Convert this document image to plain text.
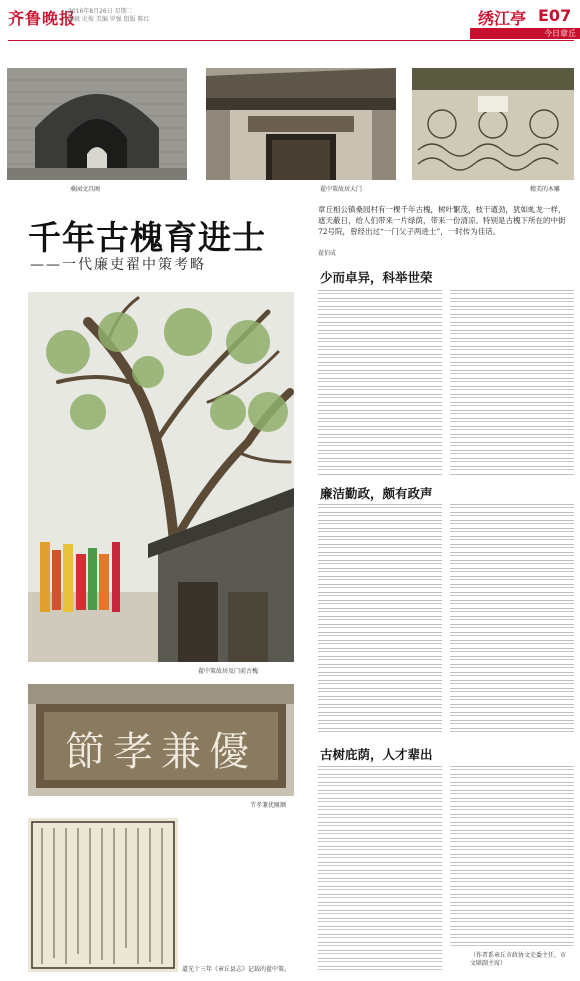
齐鲁晚报
2016年8月26日 星期二
编辑 史俊 美编 罗强 组版 陈红	绣江亭 E07
今日章丘
桑园文昌阁	翟中策故居大门	精美的木雕
千年古槐育进士
——一代廉吏翟中策考略
章丘相公镇桑园村有一棵千年古槐，树叶繁茂，枝干遒劲，犹如虬龙一样，遮天蔽日，给人们带来一片绿荫，带来一份清凉。特别是古槐下所在的中街72号院，曾经出过“一门父子两进士”，一时传为佳话。
翟伯成
翟中策故居及门前古槐
節孝兼優
节孝兼优匾额
道光十三年《章丘县志》记载的翟中策。
少而卓异，科举世荣
廉洁勤政，颇有政声
古树庇荫，人才辈出
（作者系章丘市政协文史委主任、市文联副主席）
